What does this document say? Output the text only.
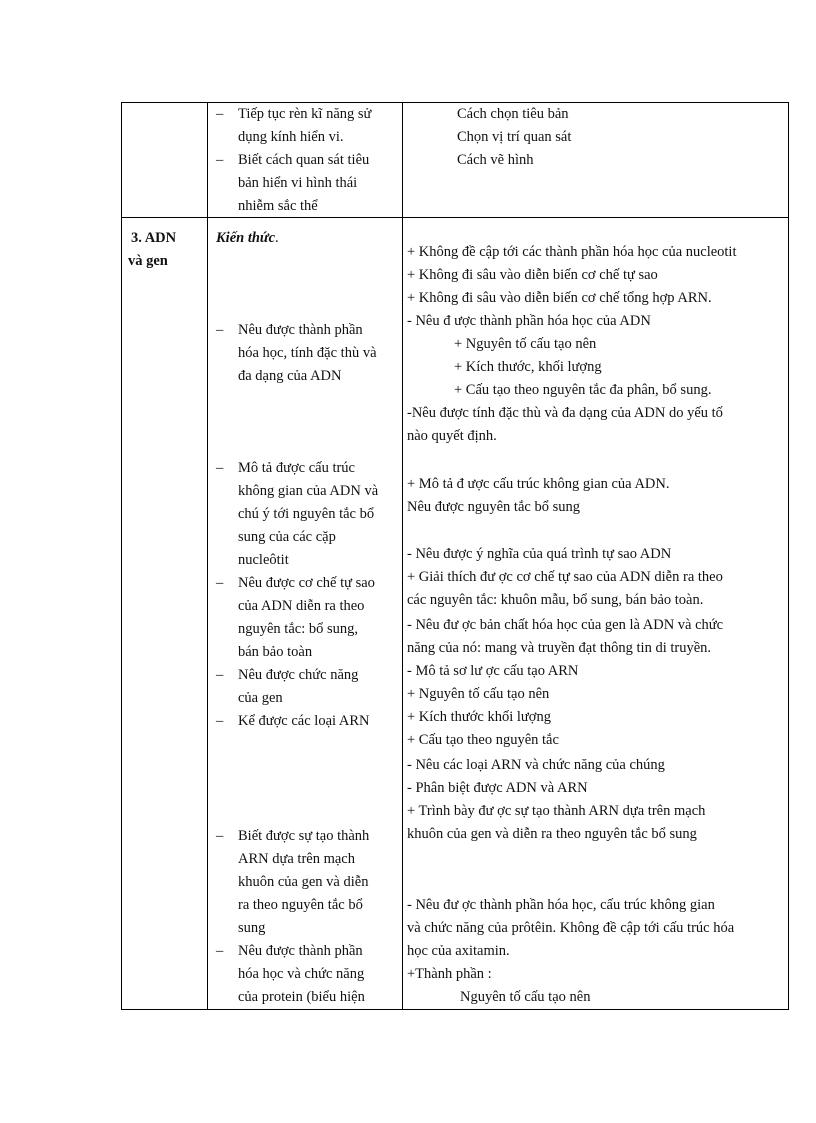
– Tiếp tục rèn kĩ năng sử
dụng kính hiển vi.
– Biết cách quan sát tiêu
bản hiển vi hình thái
nhiễm sắc thể
Cách chọn tiêu bản
Chọn vị trí quan sát
Cách vẽ hình
3. ADN
và gen
Kiến thức.
– Nêu được thành phần
hóa học, tính đặc thù và
đa dạng của ADN
– Mô tả được cấu trúc
không gian của ADN và
chú ý tới nguyên tắc bổ
sung của các cặp
nucleôtit
– Nêu được cơ chế tự sao
của ADN diễn ra theo
nguyên tắc: bổ sung,
bán bảo toàn
– Nêu được chức năng
của gen
– Kể được các loại ARN
– Biết được sự tạo thành
ARN dựa trên mạch
khuôn của gen và diễn
ra theo nguyên tắc bổ
sung
– Nêu được thành phần
hóa học và chức năng
của protein (biểu hiện
+ Không đề cập tới các thành phần hóa học của nucleotit
+ Không đi sâu vào diễn biến cơ chế tự sao
+ Không đi sâu vào diễn biến cơ chế tổng hợp ARN.
- Nêu đ ược thành phần hóa học của ADN
+ Nguyên tố cấu tạo nên
+ Kích thước, khối lượng
+ Cấu tạo theo nguyên tắc đa phân, bổ sung.
-Nêu được tính đặc thù và đa dạng của ADN do yếu tố
nào quyết định.
+ Mô tả đ ược cấu trúc không gian của ADN.
Nêu được nguyên tắc bổ sung
- Nêu được ý nghĩa của quá trình tự sao ADN
+ Giải thích đư ợc cơ chế tự sao của ADN diễn ra theo
các nguyên tắc: khuôn mẫu, bổ sung, bán bảo toàn.
- Nêu đư ợc bản chất hóa học của gen là ADN và chức
năng của nó: mang và truyền đạt thông tin di truyền.
- Mô tả sơ lư ợc cấu tạo ARN
+ Nguyên tố cấu tạo nên
+ Kích thước khối lượng
+ Cấu tạo theo nguyên tắc
- Nêu các loại ARN và chức năng của chúng
- Phân biệt được ADN và ARN
+ Trình bày đư ợc sự tạo thành ARN dựa trên mạch
khuôn của gen và diễn ra theo nguyên tắc bổ sung
- Nêu đư ợc thành phần hóa học, cấu trúc không gian
và chức năng của prôtêin. Không đề cập tới cấu trúc hóa
học của axitamin.
+Thành phần :
Nguyên tố cấu tạo nên
